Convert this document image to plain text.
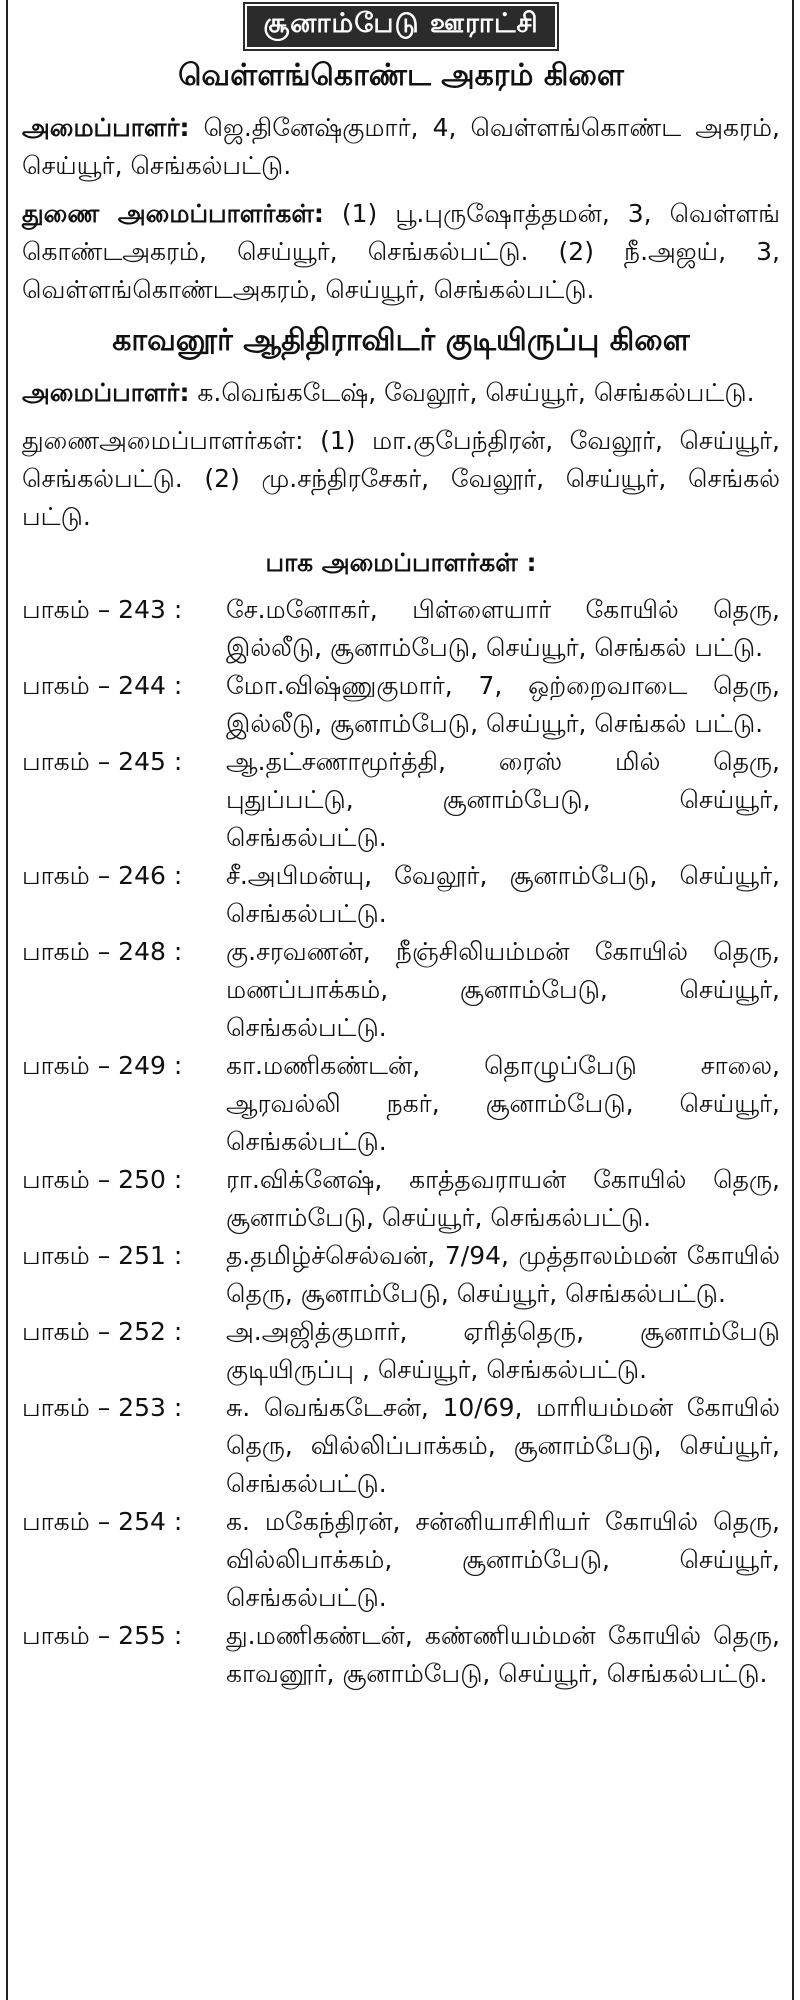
சூனாம்பேடு ஊராட்சி
வெள்ளங்கொண்ட அகரம் கிளை

அமைப்பாளர்: ஜெ.தினேஷ்குமார், 4, வெள்ளங்கொண்ட அகரம், செய்யூர், செங்கல்பட்டு.

துணை அமைப்பாளர்கள்: (1) பூ.புருஷோத்தமன், 3, வெள்ளங் கொண்டஅகரம், செய்யூர், செங்கல்பட்டு. (2) நீ.அஜய், 3, வெள்ளங்கொண்டஅகரம், செய்யூர், செங்கல்பட்டு.

காவனூர் ஆதிதிராவிடர் குடியிருப்பு கிளை

அமைப்பாளர்: க.வெங்கடேஷ், வேலூர், செய்யூர், செங்கல்பட்டு.

துணைஅமைப்பாளர்கள்: (1) மா.குபேந்திரன், வேலூர், செய்யூர், செங்கல்பட்டு. (2) மு.சந்திரசேகர், வேலூர், செய்யூர், செங்கல் பட்டு.

பாக அமைப்பாளர்கள் :
பாகம் – 243 :	சே.மனோகர், பிள்ளையார் கோயில் தெரு, இல்லீடு, சூனாம்பேடு, செய்யூர், செங்கல் பட்டு.
பாகம் – 244 :	மோ.விஷ்ணுகுமார், 7, ஒற்றைவாடை தெரு, இல்லீடு, சூனாம்பேடு, செய்யூர், செங்கல் பட்டு.
பாகம் – 245 :	ஆ.தட்சணாமூர்த்தி, ரைஸ் மில் தெரு, புதுப்பட்டு, சூனாம்பேடு, செய்யூர், செங்கல்பட்டு.
பாகம் – 246 :	சீ.அபிமன்யு, வேலூர், சூனாம்பேடு, செய்யூர், செங்கல்பட்டு.
பாகம் – 248 :	கு.சரவணன், நீஞ்சிலியம்மன் கோயில் தெரு, மணப்பாக்கம், சூனாம்பேடு, செய்யூர், செங்கல்பட்டு.
பாகம் – 249 :	கா.மணிகண்டன், தொழுப்பேடு சாலை, ஆரவல்லி நகர், சூனாம்பேடு, செய்யூர், செங்கல்பட்டு.
பாகம் – 250 :	ரா.விக்னேஷ், காத்தவராயன் கோயில் தெரு, சூனாம்பேடு, செய்யூர், செங்கல்பட்டு.
பாகம் – 251 :	த.தமிழ்ச்செல்வன், 7/94, முத்தாலம்மன் கோயில் தெரு, சூனாம்பேடு, செய்யூர், செங்கல்பட்டு.
பாகம் – 252 :	அ.அஜித்குமார், ஏரித்தெரு, சூனாம்பேடு குடியிருப்பு , செய்யூர், செங்கல்பட்டு.
பாகம் – 253 :	சு. வெங்கடேசன், 10/69, மாரியம்மன் கோயில் தெரு, வில்லிப்பாக்கம், சூனாம்பேடு, செய்யூர், செங்கல்பட்டு.
பாகம் – 254 :	க. மகேந்திரன், சன்னியாசிரியர் கோயில் தெரு, வில்லிபாக்கம், சூனாம்பேடு, செய்யூர், செங்கல்பட்டு.
பாகம் – 255 :	து.மணிகண்டன், கண்ணியம்மன் கோயில் தெரு, காவனூர், சூனாம்பேடு, செய்யூர், செங்கல்பட்டு.
